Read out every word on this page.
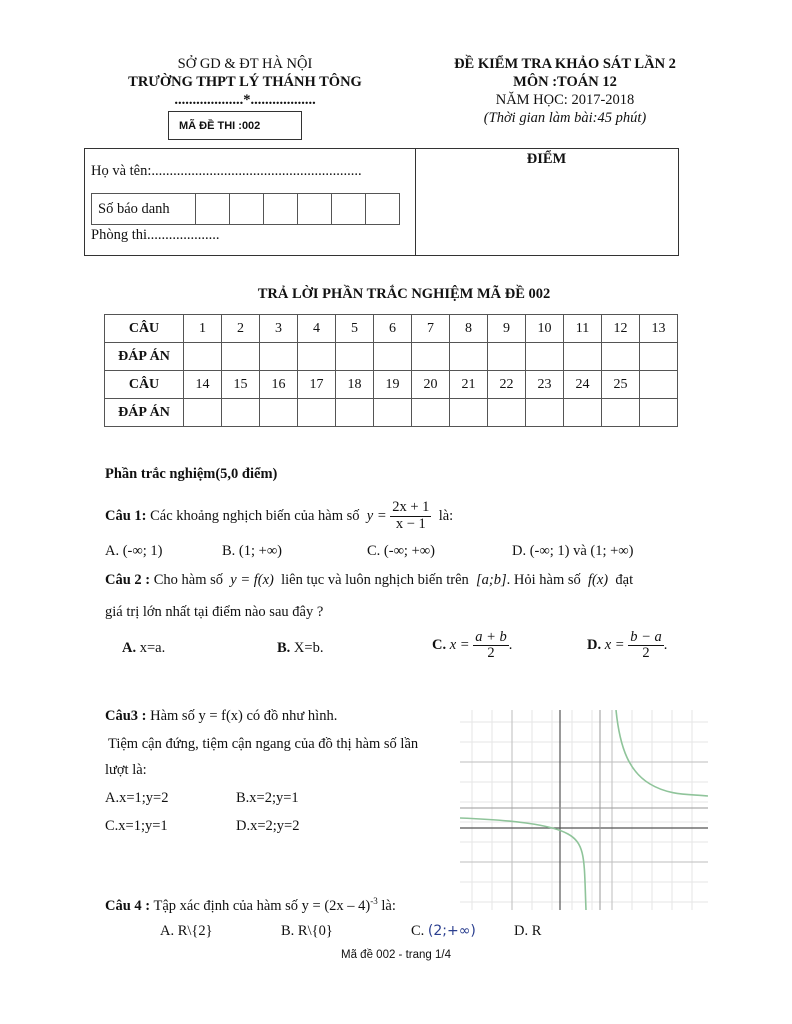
SỞ GD & ĐT HÀ NỘI
TRƯỜNG THPT LÝ THÁNH TÔNG
...................*..................
MÃ ĐỀ THI :002
ĐỀ KIỂM TRA KHẢO SÁT LẦN 2
MÔN :TOÁN 12
NĂM HỌC: 2017-2018
(Thời gian làm bài:45 phút)
Họ và tên:..........................................................
Số báo danh						
Phòng thi....................
ĐIỂM
TRẢ LỜI PHẦN TRẮC NGHIỆM MÃ ĐỀ 002
CÂU	1	2	3	4	5	6	7	8	9	10	11	12	13
ĐÁP ÁN													
CÂU	14	15	16	17	18	19	20	21	22	23	24	25	
ĐÁP ÁN													
Phần trắc nghiệm(5,0 điểm)
Câu 1:
Các khoảng nghịch biến của hàm số
y =
$\frac{2x + 1}{x - 1}$
là:
A. (-∞; 1)	B. (1; +∞)	C. (-∞; +∞)	D. (-∞; 1) và (1; +∞)
Câu 2 : Cho hàm số y = f(x) liên tục và luôn nghịch biến trên [a;b]. Hỏi hàm số f(x) đạt
giá trị lớn nhất tại điểm nào sau đây ?
A. x=a.	B. X=b.	C.
x =
$\frac{a + b}{2}$ .	D.
x =
$\frac{b - a}{2}$ .
Câu3 : Hàm số y = f(x) có đồ như hình.
Tiệm cận đứng, tiệm cận ngang của đồ thị hàm số lần
lượt là:
A.x=1;y=2	B.x=2;y=1
C.x=1;y=1	D.x=2;y=2
Câu 4 : Tập xác định của hàm số y = (2x – 4)$^{-3}$ là:
A. R\{2}	B. R\{0}	C. (2;+∞)	D. R
Mã đề 002 - trang 1/4
